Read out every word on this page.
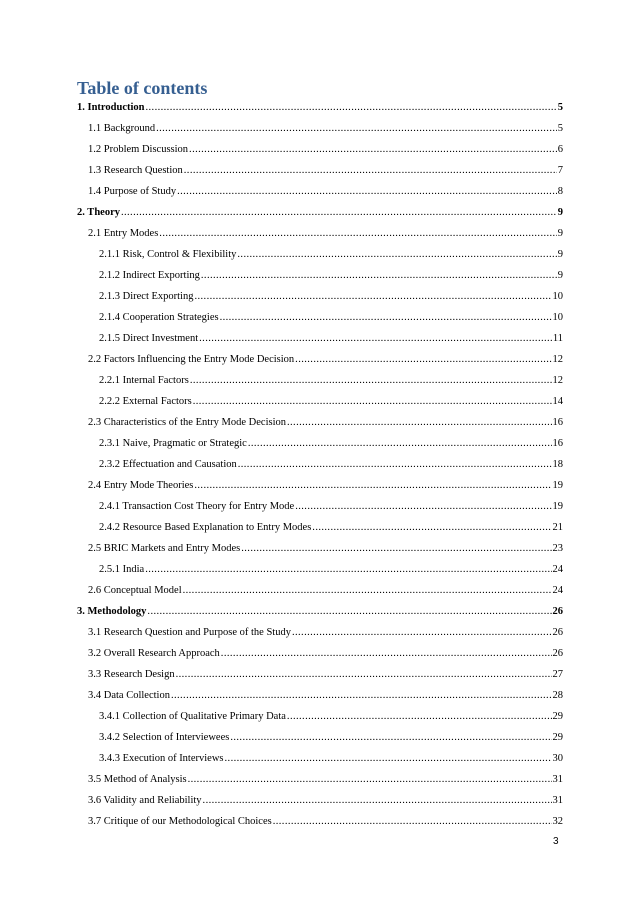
Table of contents
1. Introduction .....	5
1.1 Background .....	5
1.2 Problem Discussion .....	6
1.3 Research Question .....	7
1.4 Purpose of Study .....	8
2. Theory .....	9
2.1 Entry Modes .....	9
2.1.1 Risk, Control & Flexibility .....	9
2.1.2 Indirect Exporting .....	9
2.1.3 Direct Exporting .....	10
2.1.4 Cooperation Strategies .....	10
2.1.5 Direct Investment .....	11
2.2 Factors Influencing the Entry Mode Decision .....	12
2.2.1 Internal Factors .....	12
2.2.2 External Factors .....	14
2.3 Characteristics of the Entry Mode Decision .....	16
2.3.1 Naive, Pragmatic or Strategic .....	16
2.3.2 Effectuation and Causation .....	18
2.4 Entry Mode Theories .....	19
2.4.1 Transaction Cost Theory for Entry Mode .....	19
2.4.2 Resource Based Explanation to Entry Modes .....	21
2.5 BRIC Markets and Entry Modes .....	23
2.5.1 India .....	24
2.6 Conceptual Model .....	24
3. Methodology .....	26
3.1 Research Question and Purpose of the Study .....	26
3.2 Overall Research Approach .....	26
3.3 Research Design .....	27
3.4 Data Collection .....	28
3.4.1 Collection of Qualitative Primary Data .....	29
3.4.2 Selection of Interviewees .....	29
3.4.3 Execution of Interviews .....	30
3.5 Method of Analysis .....	31
3.6 Validity and Reliability .....	31
3.7 Critique of our Methodological Choices .....	32
3
